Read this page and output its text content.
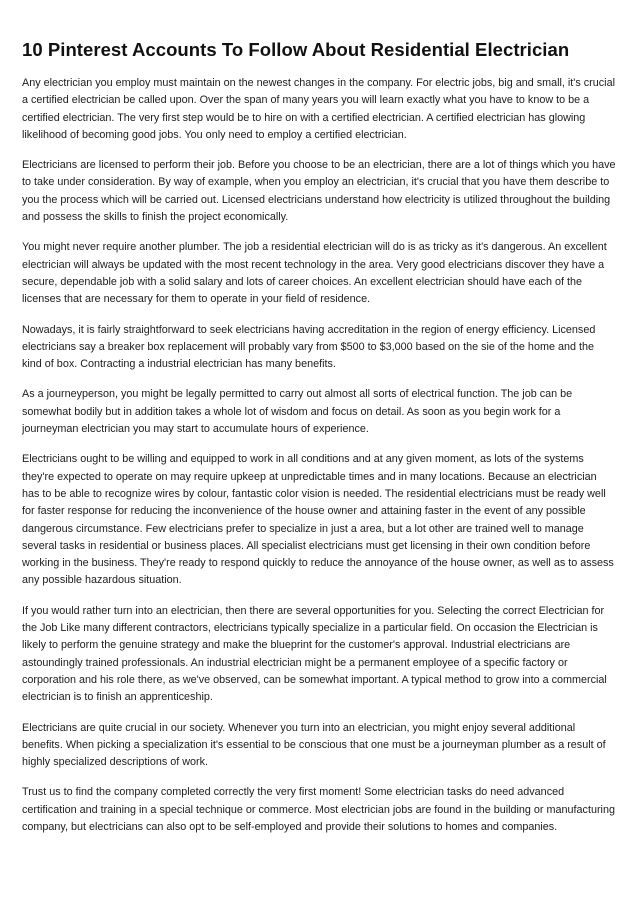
10 Pinterest Accounts To Follow About Residential Electrician

Any electrician you employ must maintain on the newest changes in the company. For electric jobs, big and small, it's crucial a certified electrician be called upon. Over the span of many years you will learn exactly what you have to know to be a certified electrician. The very first step would be to hire on with a certified electrician. A certified electrician has glowing likelihood of becoming good jobs. You only need to employ a certified electrician.

Electricians are licensed to perform their job. Before you choose to be an electrician, there are a lot of things which you have to take under consideration. By way of example, when you employ an electrician, it's crucial that you have them describe to you the process which will be carried out. Licensed electricians understand how electricity is utilized throughout the building and possess the skills to finish the project economically.

You might never require another plumber. The job a residential electrician will do is as tricky as it's dangerous. An excellent electrician will always be updated with the most recent technology in the area. Very good electricians discover they have a secure, dependable job with a solid salary and lots of career choices. An excellent electrician should have each of the licenses that are necessary for them to operate in your field of residence.

Nowadays, it is fairly straightforward to seek electricians having accreditation in the region of energy efficiency. Licensed electricians say a breaker box replacement will probably vary from $500 to $3,000 based on the sie of the home and the kind of box. Contracting a industrial electrician has many benefits.

As a journeyperson, you might be legally permitted to carry out almost all sorts of electrical function. The job can be somewhat bodily but in addition takes a whole lot of wisdom and focus on detail. As soon as you begin work for a journeyman electrician you may start to accumulate hours of experience.

Electricians ought to be willing and equipped to work in all conditions and at any given moment, as lots of the systems they're expected to operate on may require upkeep at unpredictable times and in many locations. Because an electrician has to be able to recognize wires by colour, fantastic color vision is needed. The residential electricians must be ready well for faster response for reducing the inconvenience of the house owner and attaining faster in the event of any possible dangerous circumstance. Few electricians prefer to specialize in just a area, but a lot other are trained well to manage several tasks in residential or business places. All specialist electricians must get licensing in their own condition before working in the business. They're ready to respond quickly to reduce the annoyance of the house owner, as well as to assess any possible hazardous situation.

If you would rather turn into an electrician, then there are several opportunities for you. Selecting the correct Electrician for the Job Like many different contractors, electricians typically specialize in a particular field. On occasion the Electrician is likely to perform the genuine strategy and make the blueprint for the customer's approval. Industrial electricians are astoundingly trained professionals. An industrial electrician might be a permanent employee of a specific factory or corporation and his role there, as we've observed, can be somewhat important. A typical method to grow into a commercial electrician is to finish an apprenticeship.

Electricians are quite crucial in our society. Whenever you turn into an electrician, you might enjoy several additional benefits. When picking a specialization it's essential to be conscious that one must be a journeyman plumber as a result of highly specialized descriptions of work.

Trust us to find the company completed correctly the very first moment! Some electrician tasks do need advanced certification and training in a special technique or commerce. Most electrician jobs are found in the building or manufacturing company, but electricians can also opt to be self-employed and provide their solutions to homes and companies.
